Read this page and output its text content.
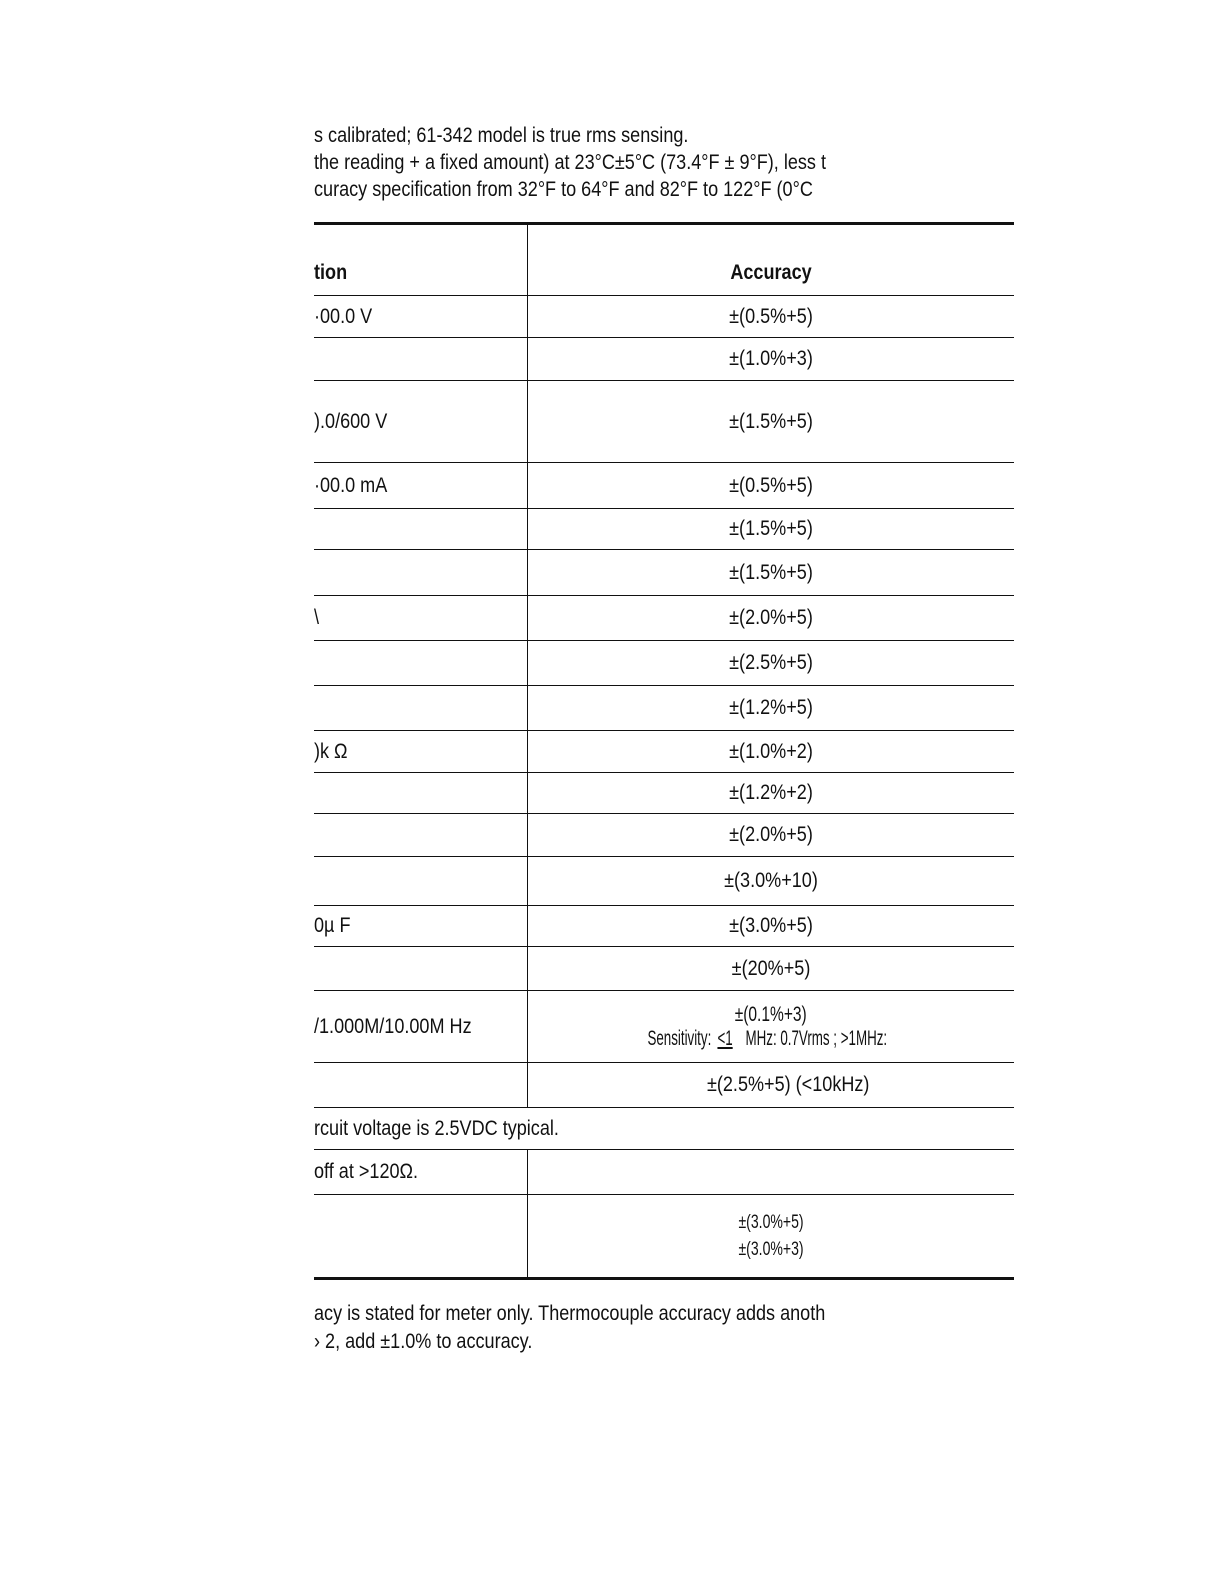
s calibrated; 61-342 model is true rms sensing.
the reading + a fixed amount) at 23°C±5°C (73.4°F ± 9°F), less t
curacy specification from 32°F to 64°F and 82°F to 122°F (0°C
tion	Accuracy
·00.0 V	±(0.5%+5)
	±(1.0%+3)
).0/600 V	±(1.5%+5)
·00.0 mA	±(0.5%+5)
	±(1.5%+5)
	±(1.5%+5)
\	±(2.0%+5)
	±(2.5%+5)
	±(1.2%+5)
)k Ω	±(1.0%+2)
	±(1.2%+2)
	±(2.0%+5)
	±(3.0%+10)
0µ F	±(3.0%+5)
	±(20%+5)
/1.000M/10.00M Hz	±(0.1%+3)
Sensitivity:<1 MHz: 0.7Vrms ; >1MHz:
	±(2.5%+5) (<10kHz)
rcuit voltage is 2.5VDC typical.	
off at >120Ω.	
	±(3.0%+5)
±(3.0%+3)
acy is stated for meter only. Thermocouple accuracy adds anoth
› 2, add ±1.0% to accuracy.
